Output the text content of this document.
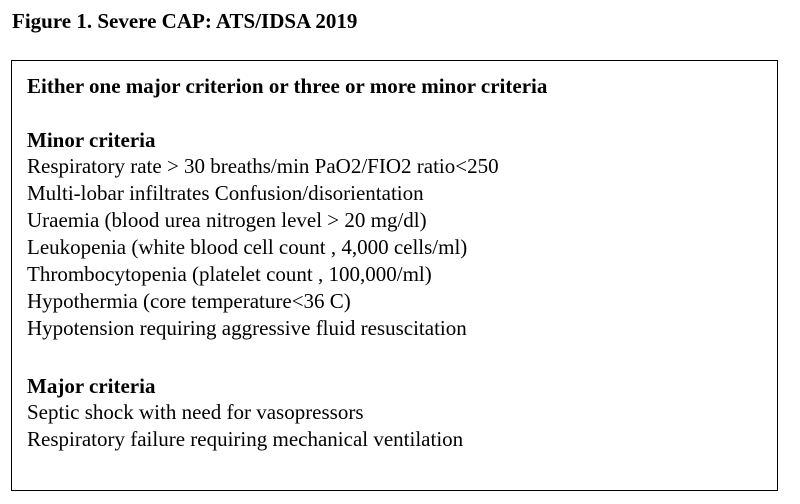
Figure 1. Severe CAP: ATS/IDSA 2019
Either one major criterion or three or more minor criteria
Minor criteria
Respiratory rate > 30 breaths/min PaO2/FIO2 ratio<250
Multi-lobar infiltrates Confusion/disorientation
Uraemia (blood urea nitrogen level > 20 mg/dl)
Leukopenia (white blood cell count , 4,000 cells/ml)
Thrombocytopenia (platelet count , 100,000/ml)
Hypothermia (core temperature<36 C)
Hypotension requiring aggressive fluid resuscitation
Major criteria
Septic shock with need for vasopressors
Respiratory failure requiring mechanical ventilation
